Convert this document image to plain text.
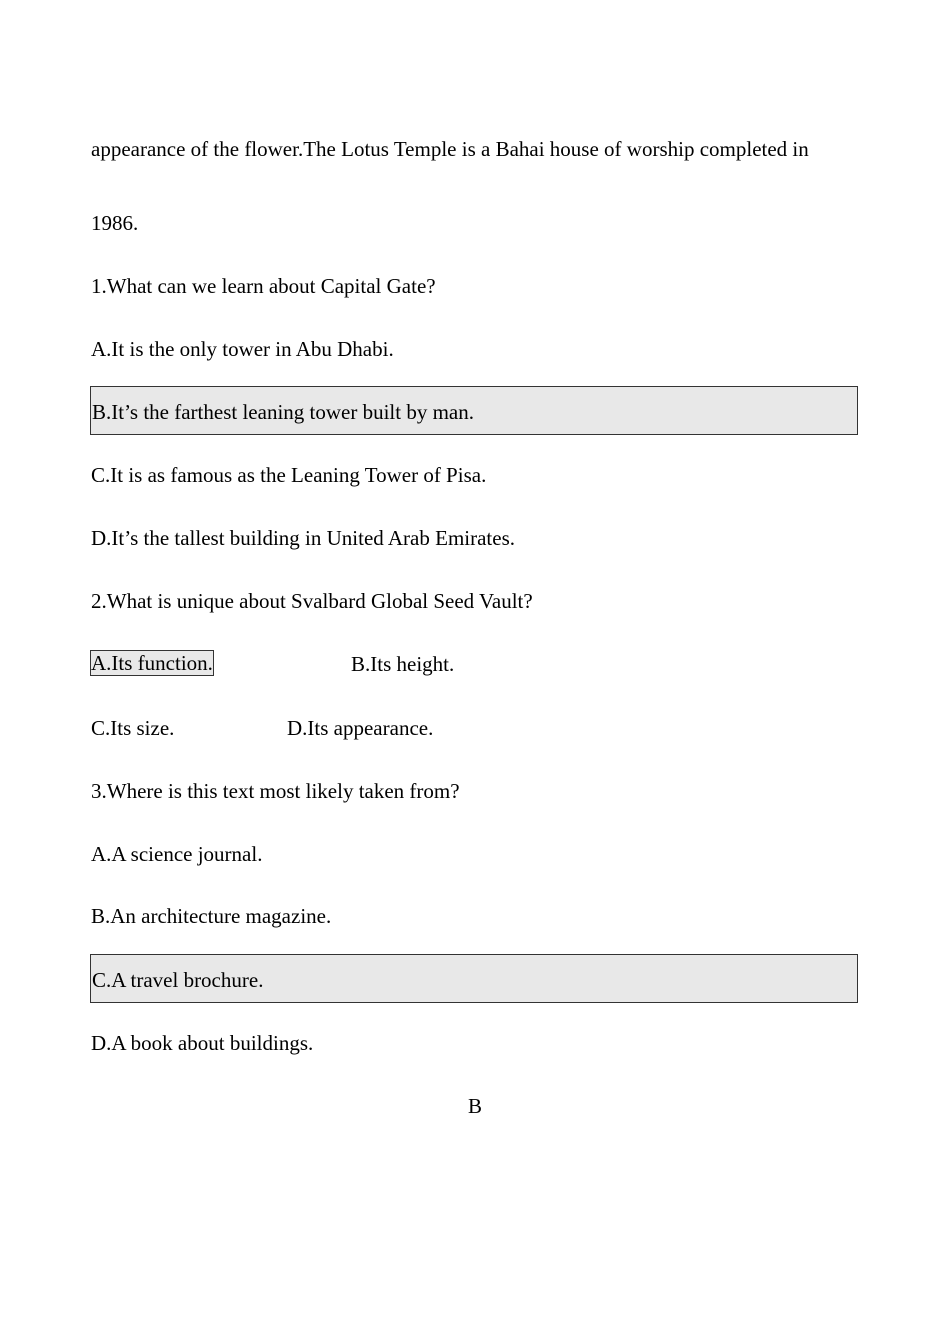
appearance of the flower.The Lotus Temple is a Bahai house of worship completed in
1986.
1.What can we learn about Capital Gate?
A.It is the only tower in Abu Dhabi.
B.It’s the farthest leaning tower built by man.
C.It is as famous as the Leaning Tower of Pisa.
D.It’s the tallest building in United Arab Emirates.
2.What is unique about Svalbard Global Seed Vault?
A.Its function.	B.Its height.
C.Its size.	D.Its appearance.
3.Where is this text most likely taken from?
A.A science journal.
B.An architecture magazine.
C.A travel brochure.
D.A book about buildings.
B
